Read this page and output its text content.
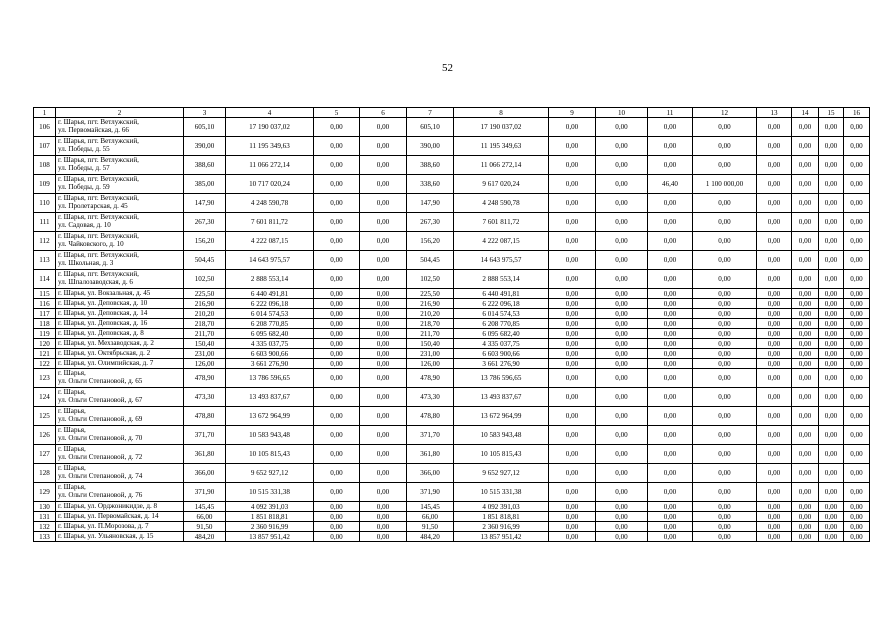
52
1	2	3	4	5	6	7	8	9	10	11	12	13	14	15	16
106	г. Шарья, пгт. Ветлужский,
ул. Первомайская, д. 66	605,10	17 190 037,02	0,00	0,00	605,10	17 190 037,02	0,00	0,00	0,00	0,00	0,00	0,00	0,00	0,00
107	г. Шарья, пгт. Ветлужский,
ул. Победы, д. 55	390,00	11 195 349,63	0,00	0,00	390,00	11 195 349,63	0,00	0,00	0,00	0,00	0,00	0,00	0,00	0,00
108	г. Шарья, пгт. Ветлужский,
ул. Победы, д. 57	388,60	11 066 272,14	0,00	0,00	388,60	11 066 272,14	0,00	0,00	0,00	0,00	0,00	0,00	0,00	0,00
109	г. Шарья, пгт. Ветлужский,
ул. Победы, д. 59	385,00	10 717 020,24	0,00	0,00	338,60	9 617 020,24	0,00	0,00	46,40	1 100 000,00	0,00	0,00	0,00	0,00
110	г. Шарья, пгт. Ветлужский,
ул. Пролетарская, д. 45	147,90	4 248 590,78	0,00	0,00	147,90	4 248 590,78	0,00	0,00	0,00	0,00	0,00	0,00	0,00	0,00
111	г. Шарья, пгт. Ветлужский,
ул. Садовая, д. 10	267,30	7 601 811,72	0,00	0,00	267,30	7 601 811,72	0,00	0,00	0,00	0,00	0,00	0,00	0,00	0,00
112	г. Шарья, пгт. Ветлужский,
ул. Чайковского, д. 10	156,20	4 222 087,15	0,00	0,00	156,20	4 222 087,15	0,00	0,00	0,00	0,00	0,00	0,00	0,00	0,00
113	г. Шарья, пгт. Ветлужский,
ул. Школьная, д. 3	504,45	14 643 975,57	0,00	0,00	504,45	14 643 975,57	0,00	0,00	0,00	0,00	0,00	0,00	0,00	0,00
114	г. Шарья, пгт. Ветлужский,
ул. Шпалозаводская, д. 6	102,50	2 888 553,14	0,00	0,00	102,50	2 888 553,14	0,00	0,00	0,00	0,00	0,00	0,00	0,00	0,00
115	г. Шарья, ул. Вокзальная, д. 45	225,50	6 440 491,81	0,00	0,00	225,50	6 440 491,81	0,00	0,00	0,00	0,00	0,00	0,00	0,00	0,00
116	г. Шарья, ул. Деповская, д. 10	216,90	6 222 096,18	0,00	0,00	216,90	6 222 096,18	0,00	0,00	0,00	0,00	0,00	0,00	0,00	0,00
117	г. Шарья, ул. Деповская, д. 14	210,20	6 014 574,53	0,00	0,00	210,20	6 014 574,53	0,00	0,00	0,00	0,00	0,00	0,00	0,00	0,00
118	г. Шарья, ул. Деповская, д. 16	218,70	6 208 770,85	0,00	0,00	218,70	6 208 770,85	0,00	0,00	0,00	0,00	0,00	0,00	0,00	0,00
119	г. Шарья, ул. Деповская, д. 8	211,70	6 095 682,40	0,00	0,00	211,70	6 095 682,40	0,00	0,00	0,00	0,00	0,00	0,00	0,00	0,00
120	г. Шарья, ул. Мехзаводская, д. 2	150,40	4 335 037,75	0,00	0,00	150,40	4 335 037,75	0,00	0,00	0,00	0,00	0,00	0,00	0,00	0,00
121	г. Шарья, ул. Октябрьская, д. 2	231,00	6 603 900,66	0,00	0,00	231,00	6 603 900,66	0,00	0,00	0,00	0,00	0,00	0,00	0,00	0,00
122	г. Шарья, ул. Олимпийская, д. 7	126,00	3 661 276,90	0,00	0,00	126,00	3 661 276,90	0,00	0,00	0,00	0,00	0,00	0,00	0,00	0,00
123	г. Шарья,
ул. Ольги Степановой, д. 65	478,90	13 786 596,65	0,00	0,00	478,90	13 786 596,65	0,00	0,00	0,00	0,00	0,00	0,00	0,00	0,00
124	г. Шарья,
ул. Ольги Степановой, д. 67	473,30	13 493 837,67	0,00	0,00	473,30	13 493 837,67	0,00	0,00	0,00	0,00	0,00	0,00	0,00	0,00
125	г. Шарья,
ул. Ольги Степановой, д. 69	478,80	13 672 964,99	0,00	0,00	478,80	13 672 964,99	0,00	0,00	0,00	0,00	0,00	0,00	0,00	0,00
126	г. Шарья,
ул. Ольги Степановой, д. 70	371,70	10 583 943,48	0,00	0,00	371,70	10 583 943,48	0,00	0,00	0,00	0,00	0,00	0,00	0,00	0,00
127	г. Шарья,
ул. Ольги Степановой, д. 72	361,80	10 105 815,43	0,00	0,00	361,80	10 105 815,43	0,00	0,00	0,00	0,00	0,00	0,00	0,00	0,00
128	г. Шарья,
ул. Ольги Степановой, д. 74	366,00	9 652 927,12	0,00	0,00	366,00	9 652 927,12	0,00	0,00	0,00	0,00	0,00	0,00	0,00	0,00
129	г. Шарья,
ул. Ольги Степановой, д. 76	371,90	10 515 331,38	0,00	0,00	371,90	10 515 331,38	0,00	0,00	0,00	0,00	0,00	0,00	0,00	0,00
130	г. Шарья, ул. Орджоникидзе, д. 8	145,45	4 092 391,03	0,00	0,00	145,45	4 092 391,03	0,00	0,00	0,00	0,00	0,00	0,00	0,00	0,00
131	г. Шарья, ул. Первомайская, д. 14	66,00	1 851 818,81	0,00	0,00	66,00	1 851 818,81	0,00	0,00	0,00	0,00	0,00	0,00	0,00	0,00
132	г. Шарья, ул. П.Морозова, д. 7	91,50	2 360 916,99	0,00	0,00	91,50	2 360 916,99	0,00	0,00	0,00	0,00	0,00	0,00	0,00	0,00
133	г. Шарья, ул. Ульяновская, д. 15	484,20	13 857 951,42	0,00	0,00	484,20	13 857 951,42	0,00	0,00	0,00	0,00	0,00	0,00	0,00	0,00
